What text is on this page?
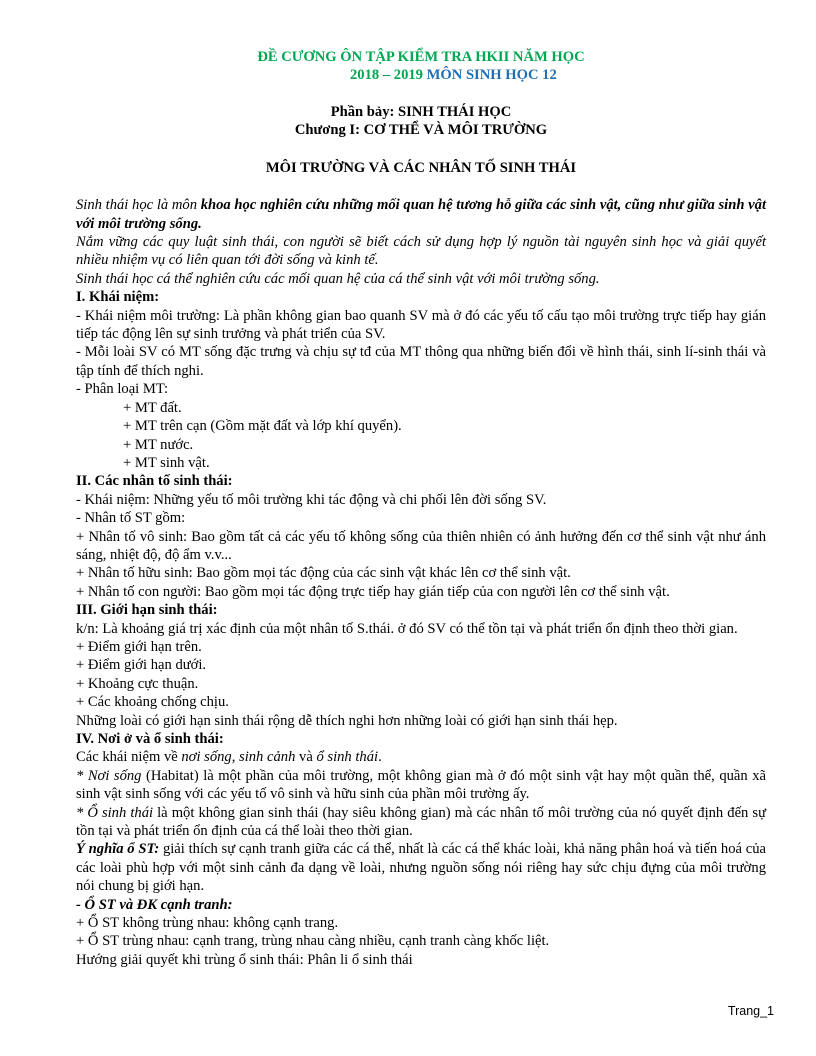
ĐỀ CƯƠNG ÔN TẬP KIỂM TRA HKII NĂM HỌC
2018 – 2019 MÔN SINH HỌC 12
Phần bảy: SINH THÁI HỌC
Chương I: CƠ THỂ VÀ MÔI TRƯỜNG
MÔI TRƯỜNG VÀ CÁC NHÂN TỐ SINH THÁI

Sinh thái học là môn khoa học nghiên cứu những mối quan hệ tương hỗ giữa các sinh vật, cũng như giữa sinh vật với môi trường sống.

Nắm vững các quy luật sinh thái, con người sẽ biết cách sử dụng hợp lý nguồn tài nguyên sinh học và giải quyết nhiều nhiệm vụ có liên quan tới đời sống và kinh tế.

Sinh thái học cá thể nghiên cứu các mối quan hệ của cá thể sinh vật với môi trường sống.

I. Khái niệm:

- Khái niệm môi trường: Là phần không gian bao quanh SV mà ở đó các yếu tố cấu tạo môi trường trực tiếp hay gián tiếp tác động lên sự sinh trưởng và phát triển của SV.

- Mỗi loài SV có MT sống đặc trưng và chịu sự tđ của MT thông qua những biến đổi về hình thái, sinh lí-sinh thái và tập tính để thích nghi.

- Phân loại MT:

+ MT đất.

+ MT trên cạn (Gồm mặt đất và lớp khí quyển).

+ MT nước.

+ MT sinh vật.

II. Các nhân tố sinh thái:

- Khái niệm: Những yếu tố môi trường khi tác động và chi phối lên đời sống SV.

- Nhân tố ST gồm:

+ Nhân tố vô sinh: Bao gồm tất cả các yếu tố không sống của thiên nhiên có ảnh hưởng đến cơ thể sinh vật như ánh sáng, nhiệt độ, độ ẩm v.v...

+ Nhân tố hữu sinh: Bao gồm mọi tác động của các sinh vật khác lên cơ thể sinh vật.

+ Nhân tố con người: Bao gồm mọi tác động trực tiếp hay gián tiếp của con người lên cơ thể sinh vật.

III. Giới hạn sinh thái:

k/n: Là khoảng giá trị xác định của một nhân tố S.thái. ở đó SV có thể tồn tại và phát triển ổn định theo thời gian.

+ Điểm giới hạn trên.

+ Điểm giới hạn dưới.

+ Khoảng cực thuận.

+ Các khoảng chống chịu.

Những loài có giới hạn sinh thái rộng dễ thích nghi hơn những loài có giới hạn sinh thái hẹp.

IV. Nơi ở và ổ sinh thái:

Các khái niệm về nơi sống, sinh cảnh và ổ sinh thái.

* Nơi sống (Habitat) là một phần của môi trường, một không gian mà ở đó một sinh vật hay một quần thể, quần xã sinh vật sinh sống với các yếu tố vô sinh và hữu sinh của phần môi trường ấy.

* Ổ sinh thái là một không gian sinh thái (hay siêu không gian) mà các nhân tố môi trường của nó quyết định đến sự tồn tại và phát triển ổn định của cá thể loài theo thời gian.

Ý nghĩa ổ ST: giải thích sự cạnh tranh giữa các cá thể, nhất là các cá thể khác loài, khả năng phân hoá và tiến hoá của các loài phù hợp với một sinh cảnh đa dạng về loài, nhưng nguồn sống nói riêng hay sức chịu đựng của môi trường nói chung bị giới hạn.

- Ổ ST và ĐK cạnh tranh:

+ Ổ ST không trùng nhau: không cạnh trang.

+ Ổ ST trùng nhau: cạnh trang, trùng nhau càng nhiều, cạnh tranh càng khốc liệt.

Hướng giải quyết khi trùng ổ sinh thái: Phân li ổ sinh thái

Trang_1
